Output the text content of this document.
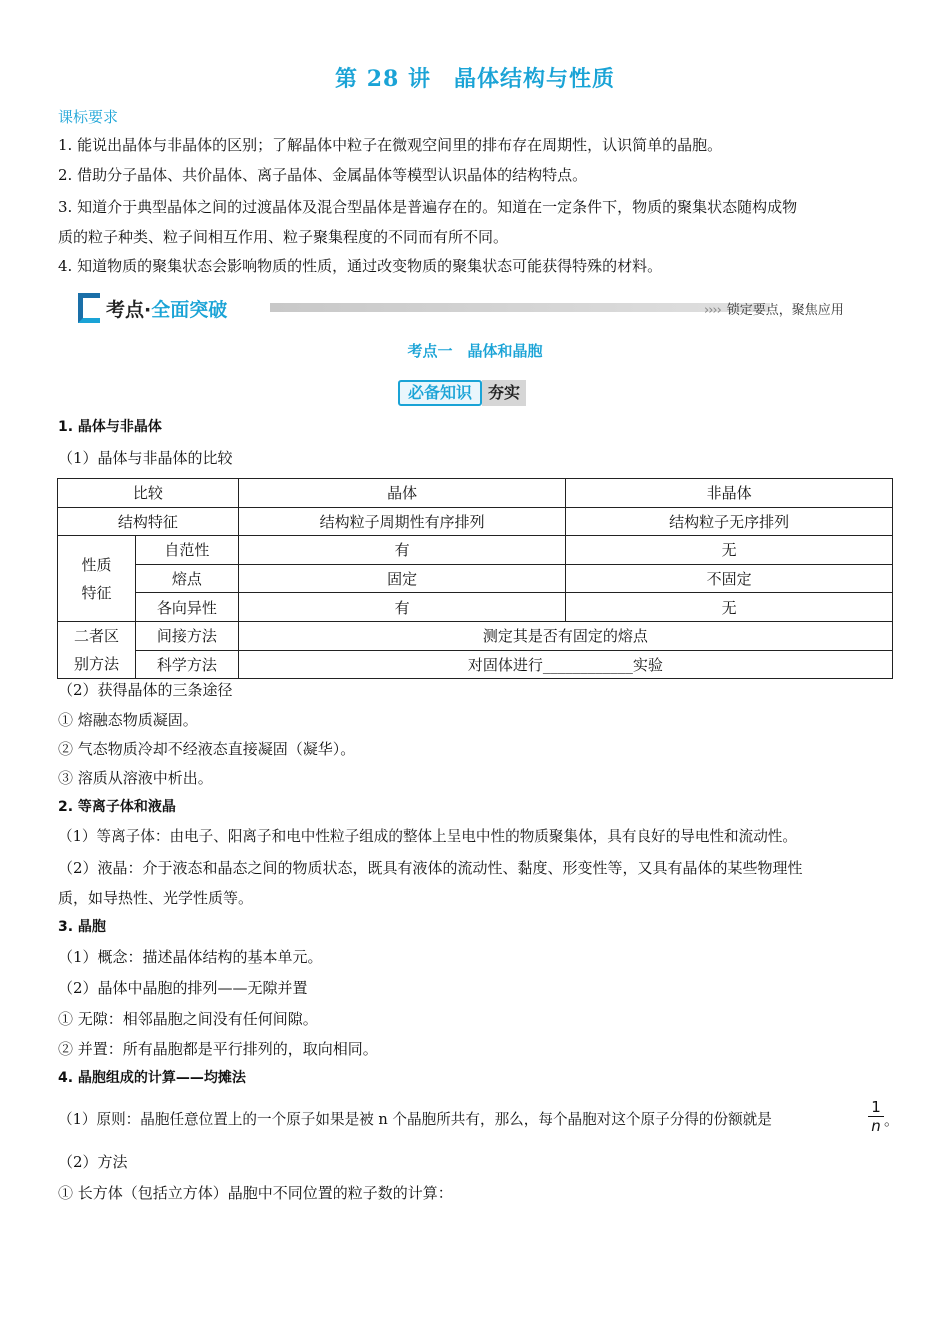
第 28 讲　晶体结构与性质
课标要求
1. 能说出晶体与非晶体的区别；了解晶体中粒子在微观空间里的排布存在周期性，认识简单的晶胞。
2. 借助分子晶体、共价晶体、离子晶体、金属晶体等模型认识晶体的结构特点。
3. 知道介于典型晶体之间的过渡晶体及混合型晶体是普遍存在的。知道在一定条件下，物质的聚集状态随构成物
质的粒子种类、粒子间相互作用、粒子聚集程度的不同而有所不同。
4. 知道物质的聚集状态会影响物质的性质，通过改变物质的聚集状态可能获得特殊的材料。
考点· 全面突破	›››› 锁定要点，聚焦应用
考点一　晶体和晶胞
必备知识	夯实
1. 晶体与非晶体
（1）晶体与非晶体的比较
比较		晶体	非晶体
结构特征		结构粒子周期性有序排列	结构粒子无序排列
性质
特征	自范性	有	无
	熔点	固定	不固定
	各向异性	有	无
二者区
别方法	间接方法	测定其是否有固定的熔点	
	科学方法	对固体进行____________实验	
（2）获得晶体的三条途径
① 熔融态物质凝固。
② 气态物质冷却不经液态直接凝固（凝华）。
③ 溶质从溶液中析出。
2. 等离子体和液晶
（1）等离子体：由电子、阳离子和电中性粒子组成的整体上呈电中性的物质聚集体，具有良好的导电性和流动性。
（2）液晶：介于液态和晶态之间的物质状态，既具有液体的流动性、黏度、形变性等，又具有晶体的某些物理性
质，如导热性、光学性质等。
3. 晶胞
（1）概念：描述晶体结构的基本单元。
（2）晶体中晶胞的排列——无隙并置
① 无隙：相邻晶胞之间没有任何间隙。
② 并置：所有晶胞都是平行排列的，取向相同。
4. 晶胞组成的计算——均摊法
（1）原则：晶胞任意位置上的一个原子如果是被 n 个晶胞所共有，那么，每个晶胞对这个原子分得的份额就是	$\frac{1}{n}$ 。
（2）方法
① 长方体（包括立方体）晶胞中不同位置的粒子数的计算：
